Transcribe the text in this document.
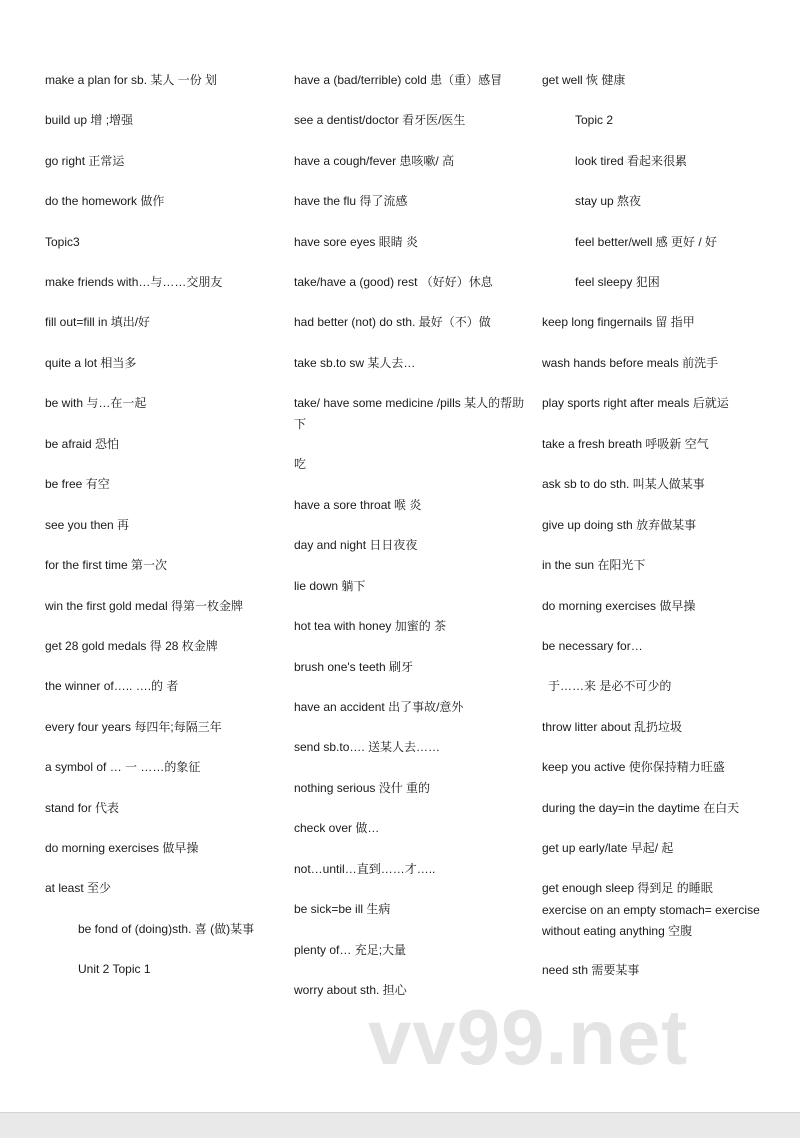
make a plan for sb. 某人 一份 划
build up 增 ;增强
go right 正常运
do the homework 做作
Topic3
make friends with…与……交朋友
fill out=fill in 填出/好
quite a lot 相当多
be with 与…在一起
be afraid 恐怕
be free 有空
see you then 再
for the first time 第一次
win the first gold medal 得第一枚金牌
get 28 gold medals 得 28 枚金牌
the winner of….. ….的 者
every four years 每四年;每隔三年
a symbol of … 一 ……的象征
stand for 代表
do morning exercises 做早操
at least 至少
be fond of (doing)sth. 喜 (做)某事
Unit 2 Topic 1
have a (bad/terrible) cold 患（重）感冒
see a dentist/doctor 看牙医/医生
have a cough/fever 患咳嗽/ 高
have the flu 得了流感
have sore eyes 眼睛 炎
take/have a (good) rest （好好）休息
had better (not) do sth. 最好（不）做
take sb.to sw 某人去…
take/ have some medicine /pills 某人的帮助下
吃
have a sore throat 喉 炎
day and night 日日夜夜
lie down 躺下
hot tea with honey 加蜜的 茶
brush one's teeth 刷牙
have an accident 出了事故/意外
send sb.to…. 送某人去……
nothing serious 没什 重的
check over 做…
not…until…直到……才…..
be sick=be ill 生病
plenty of… 充足;大量
worry about sth. 担心
get well 恢 健康
Topic 2
look tired 看起来很累
stay up 熬夜
feel better/well 感 更好 / 好
feel sleepy 犯困
keep long fingernails 留 指甲
wash hands before meals 前洗手
play sports right after meals 后就运
take a fresh breath 呼吸新 空气
ask sb to do sth. 叫某人做某事
give up doing sth 放弃做某事
in the sun 在阳光下
do morning exercises 做早操
be necessary for…
于……来 是必不可少的
throw litter about 乱扔垃圾
keep you active 使你保持精力旺盛
during the day=in the daytime 在白天
get up early/late 早起/ 起
get enough sleep 得到足 的睡眠
exercise on an empty stomach= exercise without eating anything 空腹
need sth 需要某事
vv99.net
